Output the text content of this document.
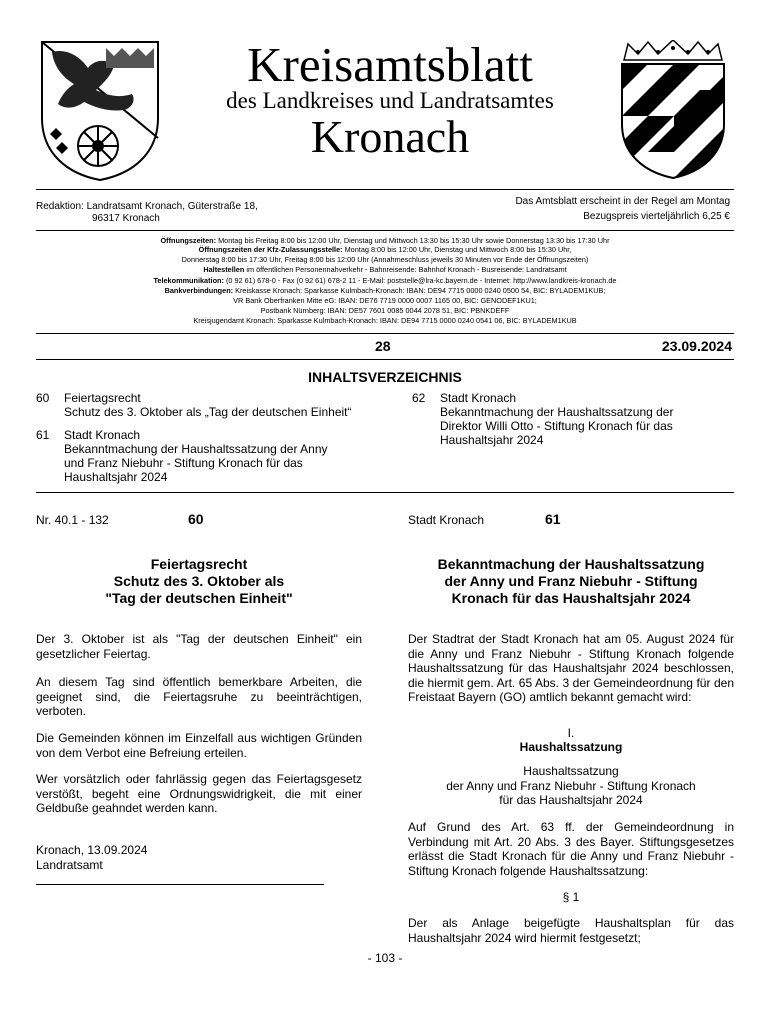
Kreisamtsblatt
des Landkreises und Landratsamtes
Kronach
Redaktion: Landratsamt Kronach, Güterstraße 18,
96317 Kronach
Das Amtsblatt erscheint in der Regel am Montag
Bezugspreis vierteljährlich 6,25 €
Öffnungszeiten: Montag bis Freitag 8:00 bis 12:00 Uhr, Dienstag und Mittwoch 13:30 bis 15:30 Uhr sowie Donnerstag 13:30 bis 17:30 Uhr
Öffnungszeiten der Kfz-Zulassungsstelle: Montag 8:00 bis 12:00 Uhr, Dienstag und Mittwoch 8:00 bis 15:30 Uhr,
Donnerstag 8:00 bis 17:30 Uhr, Freitag 8:00 bis 12:00 Uhr (Annahmeschluss jeweils 30 Minuten vor Ende der Öffnungszeiten)
Haltestellen im öffentlichen Personennahverkehr - Bahnreisende: Bahnhof Kronach - Busreisende: Landratsamt
Telekommunikation: (0 92 61) 678-0 - Fax (0 92 61) 678-2 11 - E-Mail: poststelle@lra-kc.bayern.de - Internet: http://www.landkreis-kronach.de
Bankverbindungen: Kreiskasse Kronach: Sparkasse Kulmbach-Kronach: IBAN: DE94 7715 0000 0240 0500 54, BIC: BYLADEM1KUB;
VR Bank Oberfranken Mitte eG: IBAN: DE76 7719 0000 0007 1165 00, BIC: GENODEF1KU1;
Postbank Nürnberg: IBAN: DE57 7601 0085 0044 2078 51, BIC: PBNKDEFF
Kreisjugendamt Kronach: Sparkasse Kulmbach-Kronach: IBAN: DE94 7715 0000 0240 0541 06, BIC: BYLADEM1KUB
28	23.09.2024
INHALTSVERZEICHNIS
60 Feiertagsrecht
Schutz des 3. Oktober als „Tag der deutschen Einheit“
61 Stadt Kronach
Bekanntmachung der Haushaltssatzung der Anny
und Franz Niebuhr - Stiftung Kronach für das
Haushaltsjahr 2024
62 Stadt Kronach
Bekanntmachung der Haushaltssatzung der
Direktor Willi Otto - Stiftung Kronach für das
Haushaltsjahr 2024
Nr. 40.1 - 132	60
Feiertagsrecht
Schutz des 3. Oktober als
"Tag der deutschen Einheit"
Der 3. Oktober ist als "Tag der deutschen Einheit" ein gesetzlicher Feiertag.
An diesem Tag sind öffentlich bemerkbare Arbeiten, die geeignet sind, die Feiertagsruhe zu beeinträchtigen, verboten.
Die Gemeinden können im Einzelfall aus wichtigen Gründen von dem Verbot eine Befreiung erteilen.
Wer vorsätzlich oder fahrlässig gegen das Feiertagsgesetz verstößt, begeht eine Ordnungswidrigkeit, die mit einer Geldbuße geahndet werden kann.
Kronach, 13.09.2024
Landratsamt
Stadt Kronach	61
Bekanntmachung der Haushaltssatzung
der Anny und Franz Niebuhr - Stiftung
Kronach für das Haushaltsjahr 2024
Der Stadtrat der Stadt Kronach hat am 05. August 2024 für die Anny und Franz Niebuhr - Stiftung Kronach folgende Haushaltssatzung für das Haushaltsjahr 2024 beschlossen, die hiermit gem. Art. 65 Abs. 3 der Gemeindeordnung für den Freistaat Bayern (GO) amtlich bekannt gemacht wird:
I.
Haushaltssatzung
Haushaltssatzung
der Anny und Franz Niebuhr - Stiftung Kronach
für das Haushaltsjahr 2024
Auf Grund des Art. 63 ff. der Gemeindeordnung in Verbindung mit Art. 20 Abs. 3 des Bayer. Stiftungsgesetzes erlässt die Stadt Kronach für die Anny und Franz Niebuhr - Stiftung Kronach folgende Haushaltssatzung:
§ 1
Der als Anlage beigefügte Haushaltsplan für das Haushaltsjahr 2024 wird hiermit festgesetzt;
- 103 -
